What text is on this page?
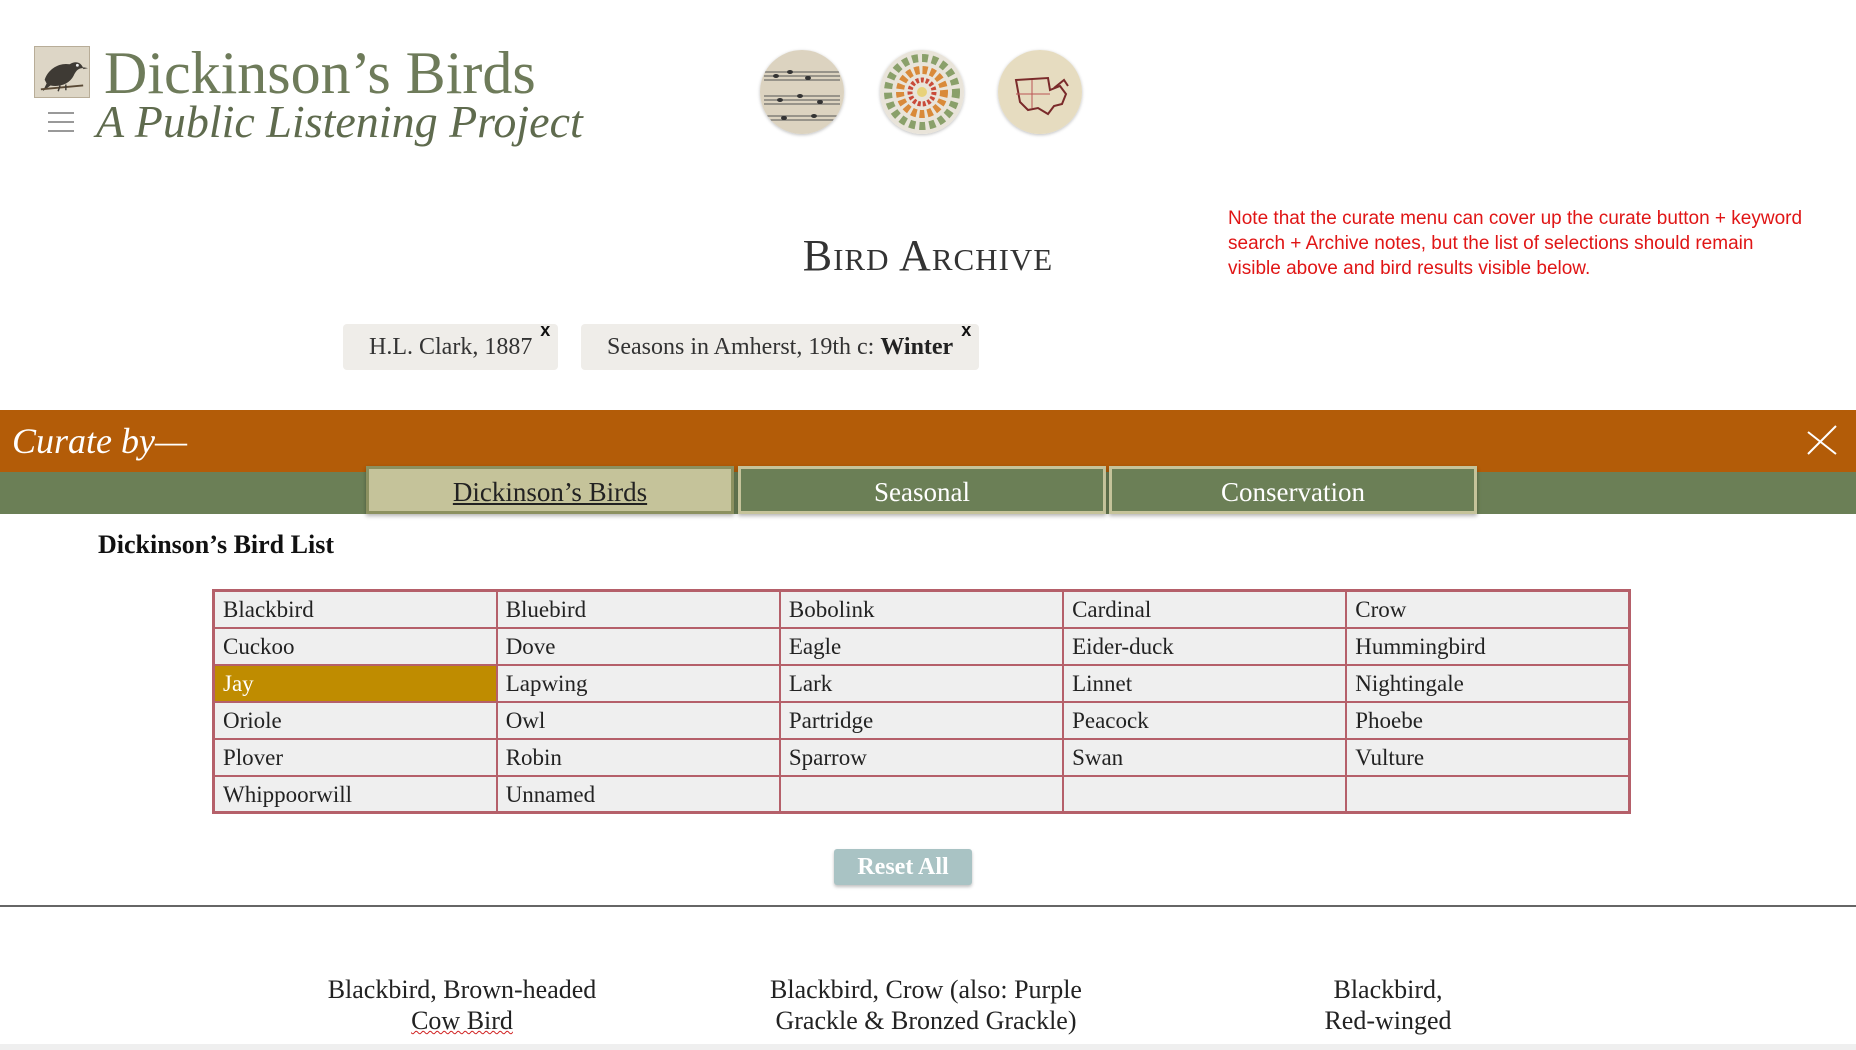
Dickinson’s Birds
A Public Listening Project
Note that the curate menu can cover up the curate button + keyword search + Archive notes, but the list of selections should remain visible above and bird results visible below.
Bird Archive
H.L. Clark, 1887
x
Seasons in Amherst, 19th c: Winter
x
Curate by—
Dickinson’s Birds	Seasonal	Conservation
Dickinson’s Bird List
Blackbird	Bluebird	Bobolink	Cardinal	Crow
Cuckoo	Dove	Eagle	Eider-duck	Hummingbird
Jay	Lapwing	Lark	Linnet	Nightingale
Oriole	Owl	Partridge	Peacock	Phoebe
Plover	Robin	Sparrow	Swan	Vulture
Whippoorwill	Unnamed			
Reset All
Blackbird, Brown-headed
Cow Bird
Blackbird, Crow (also: Purple
Grackle & Bronzed Grackle)
Blackbird,
Red-winged
